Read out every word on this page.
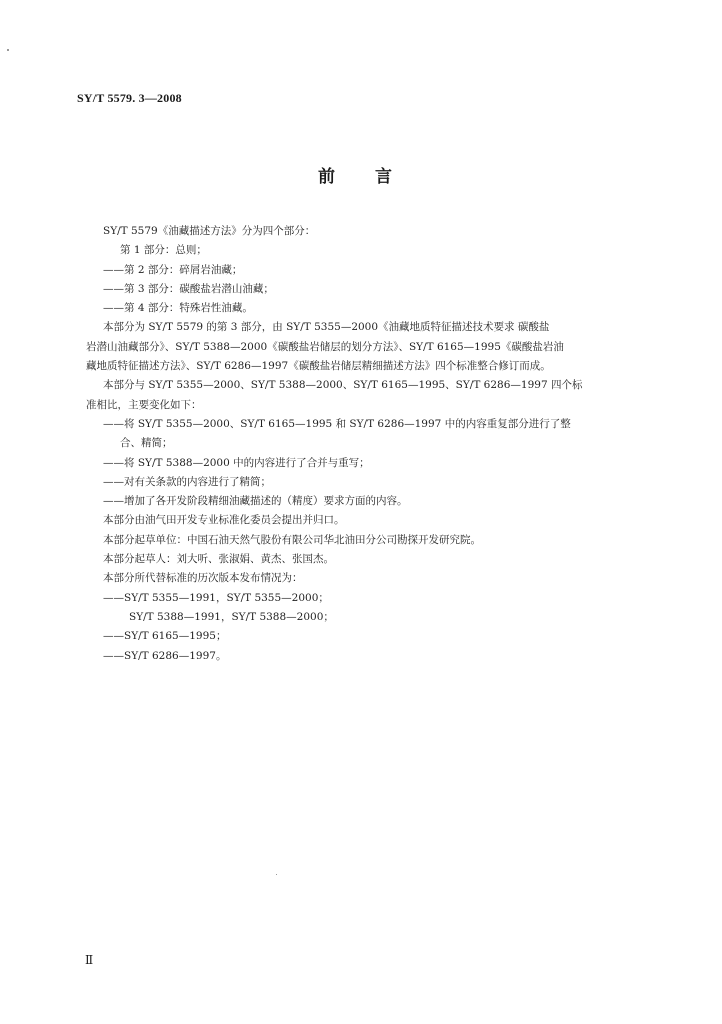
SY/T 5579. 3—2008
前 言
SY/T 5579《油藏描述方法》分为四个部分：
第 1 部分：总则；
——第 2 部分：碎屑岩油藏；
——第 3 部分：碳酸盐岩潜山油藏；
——第 4 部分：特殊岩性油藏。
本部分为 SY/T 5579 的第 3 部分，由 SY/T 5355—2000《油藏地质特征描述技术要求 碳酸盐
岩潜山油藏部分》、SY/T 5388—2000《碳酸盐岩储层的划分方法》、SY/T 6165—1995《碳酸盐岩油
藏地质特征描述方法》、SY/T 6286—1997《碳酸盐岩储层精细描述方法》四个标准整合修订而成。
本部分与 SY/T 5355—2000、SY/T 5388—2000、SY/T 6165—1995、SY/T 6286—1997 四个标
准相比，主要变化如下：
——将 SY/T 5355—2000、SY/T 6165—1995 和 SY/T 6286—1997 中的内容重复部分进行了整
合、精简；
——将 SY/T 5388—2000 中的内容进行了合并与重写；
——对有关条款的内容进行了精简；
——增加了各开发阶段精细油藏描述的（精度）要求方面的内容。
本部分由油气田开发专业标准化委员会提出并归口。
本部分起草单位：中国石油天然气股份有限公司华北油田分公司勘探开发研究院。
本部分起草人：刘大听、张淑娟、黄杰、张国杰。
本部分所代替标准的历次版本发布情况为：
——SY/T 5355—1991，SY/T 5355—2000；
SY/T 5388—1991，SY/T 5388—2000；
——SY/T 6165—1995；
——SY/T 6286—1997。
Ⅱ
